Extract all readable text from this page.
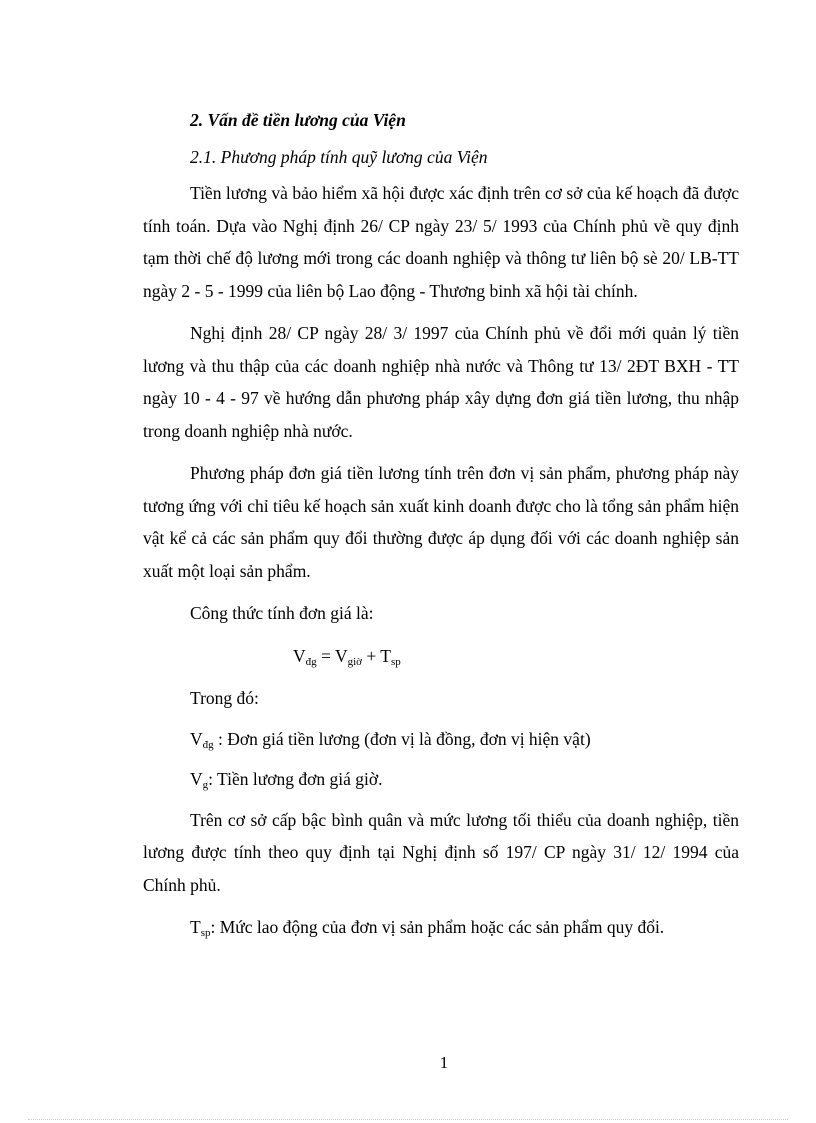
2. Vấn đề tiền lương của Viện

2.1. Phương pháp tính quỹ lương của Viện

Tiền lương và bảo hiểm xã hội được xác định trên cơ sở của kế hoạch đã được tính toán. Dựa vào Nghị định 26/ CP ngày 23/ 5/ 1993 của Chính phủ về quy định tạm thời chế độ lương mới trong các doanh nghiệp và thông tư liên bộ sè 20/ LB-TT ngày 2 - 5 - 1999 của liên bộ Lao động - Thương binh xã hội tài chính.

Nghị định 28/ CP ngày 28/ 3/ 1997 của Chính phủ về đổi mới quản lý tiền lương và thu thập của các doanh nghiệp nhà nước và Thông tư 13/ 2ĐT BXH - TT ngày 10 - 4 - 97 về hướng dẫn phương pháp xây dựng đơn giá tiền lương, thu nhập trong doanh nghiệp nhà nước.

Phương pháp đơn giá tiền lương tính trên đơn vị sản phẩm, phương pháp này tương ứng với chỉ tiêu kế hoạch sản xuất kinh doanh được cho là tổng sản phẩm hiện vật kể cả các sản phẩm quy đổi thường được áp dụng đối với các doanh nghiệp sản xuất một loại sản phẩm.

Công thức tính đơn giá là:

$V_{đg} = V_{giờ} + T_{sp}$

Trong đó:

$V_{đg}$ : Đơn giá tiền lương (đơn vị là đồng, đơn vị hiện vật)

$V_g$: Tiền lương đơn giá giờ.

Trên cơ sở cấp bậc bình quân và mức lương tối thiểu của doanh nghiệp, tiền lương được tính theo quy định tại Nghị định số 197/ CP ngày 31/ 12/ 1994 của Chính phủ.

$T_{sp}$: Mức lao động của đơn vị sản phẩm hoặc các sản phẩm quy đổi.

1
